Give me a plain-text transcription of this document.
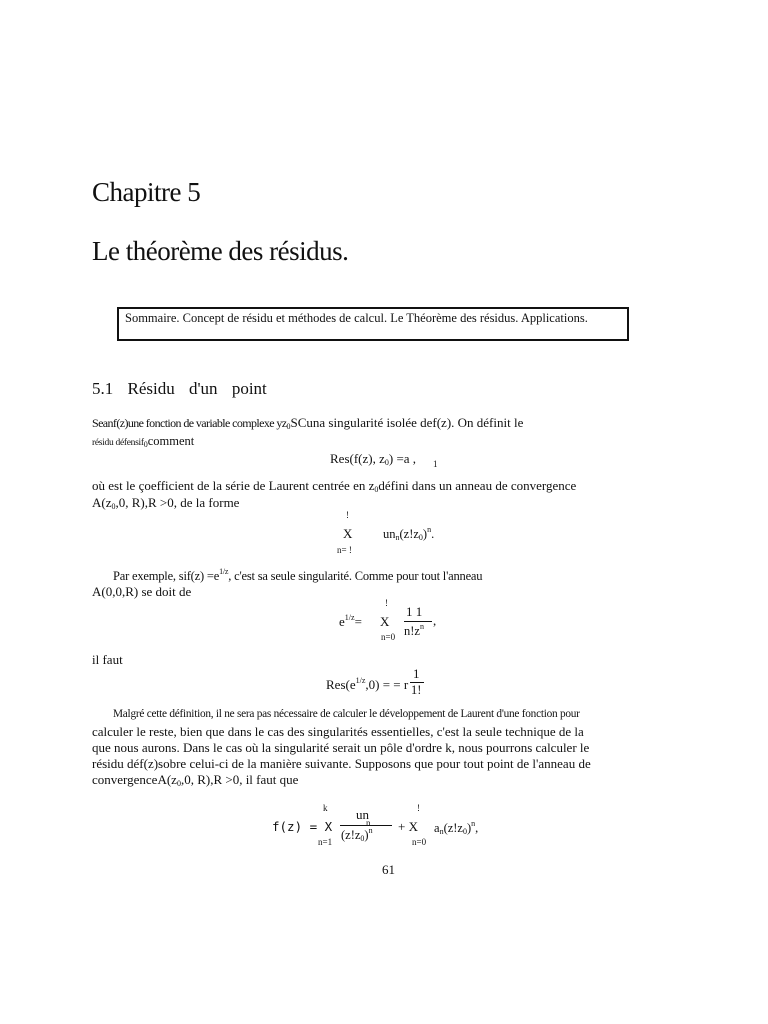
Chapitre 5
Le théorème des résidus.
Sommaire. Concept de résidu et méthodes de calcul. Le Théorème des résidus. Applications.
5.1 Résidu d'un point
Seanf(z)une fonction de variable complexe $yz_0SCuna$ singularité isolée def(z). On définit le
résidu défensif$_0$comment
Res(f(z), $z_0) =a$ , 1
où est le çoefficient de la série de Laurent centrée en $z_0défini$ dans un anneau de convergence
$A(z_0,0$, R),R >0, de la forme
!
X
n= !
$un_n(z!z_0)^n$.
Par exemple, $sif(z) =e^{1/z}$, c'est sa seule singularité. Comme pour tout l'anneau
A(0,0,R) se doit de
$e^{1/z}=$
!
X
n=0
1 1
$n!z^n$ ,
il faut
$Res(e^{1/z},0)$ = = r
1
1!
Malgré cette définition, il ne sera pas nécessaire de calculer le développement de Laurent d'une fonction pour
calculer le reste, bien que dans le cas des singularités essentielles, c'est la seule technique de la
que nous aurons. Dans le cas où la singularité serait un pôle d'ordre k, nous pourrons calculer le
résidu déf(z)sobre celui-ci de la manière suivante. Supposons que pour tout point de l'anneau de
$convergenceA(z_0,0$, R),R >0, il faut que
f(z) = X
k
n=1
un
n
$(z!z_0)^n + X$
!
n=0
$a_n(z!z_0)^n$,
61
